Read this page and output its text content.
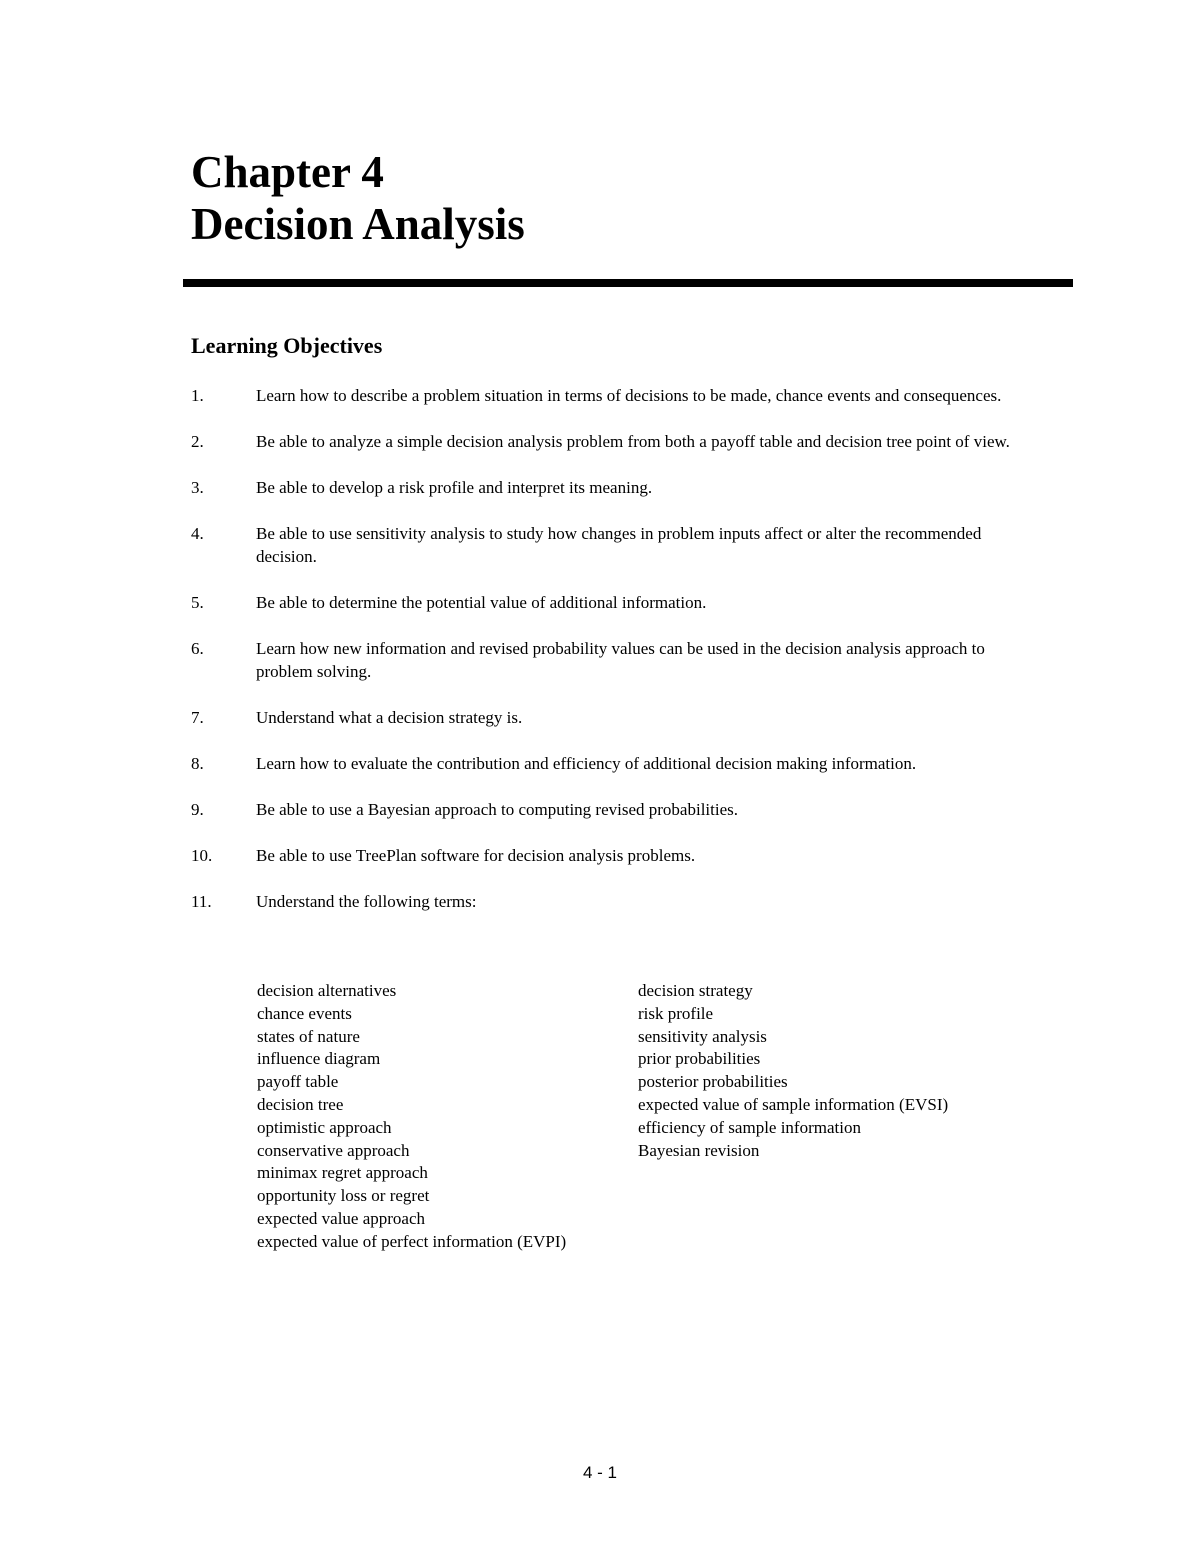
Chapter 4
Decision Analysis
Learning Objectives
1.	Learn how to describe a problem situation in terms of decisions to be made, chance events and consequences.
2.	Be able to analyze a simple decision analysis problem from both a payoff table and decision tree point of view.
3.	Be able to develop a risk profile and interpret its meaning.
4.	Be able to use sensitivity analysis to study how changes in problem inputs affect or alter the recommended decision.
5.	Be able to determine the potential value of additional information.
6.	Learn how new information and revised probability values can be used in the decision analysis approach to problem solving.
7.	Understand what a decision strategy is.
8.	Learn how to evaluate the contribution and efficiency of additional decision making information.
9.	Be able to use a Bayesian approach to computing revised probabilities.
10.	Be able to use TreePlan software for decision analysis problems.
11.	Understand the following terms:
decision alternatives
chance events
states of nature
influence diagram
payoff table
decision tree
optimistic approach
conservative approach
minimax regret approach
opportunity loss or regret
expected value approach
expected value of perfect information (EVPI)
decision strategy
risk profile
sensitivity analysis
prior probabilities
posterior probabilities
expected value of sample information (EVSI)
efficiency of sample information
Bayesian revision
4 - 1
